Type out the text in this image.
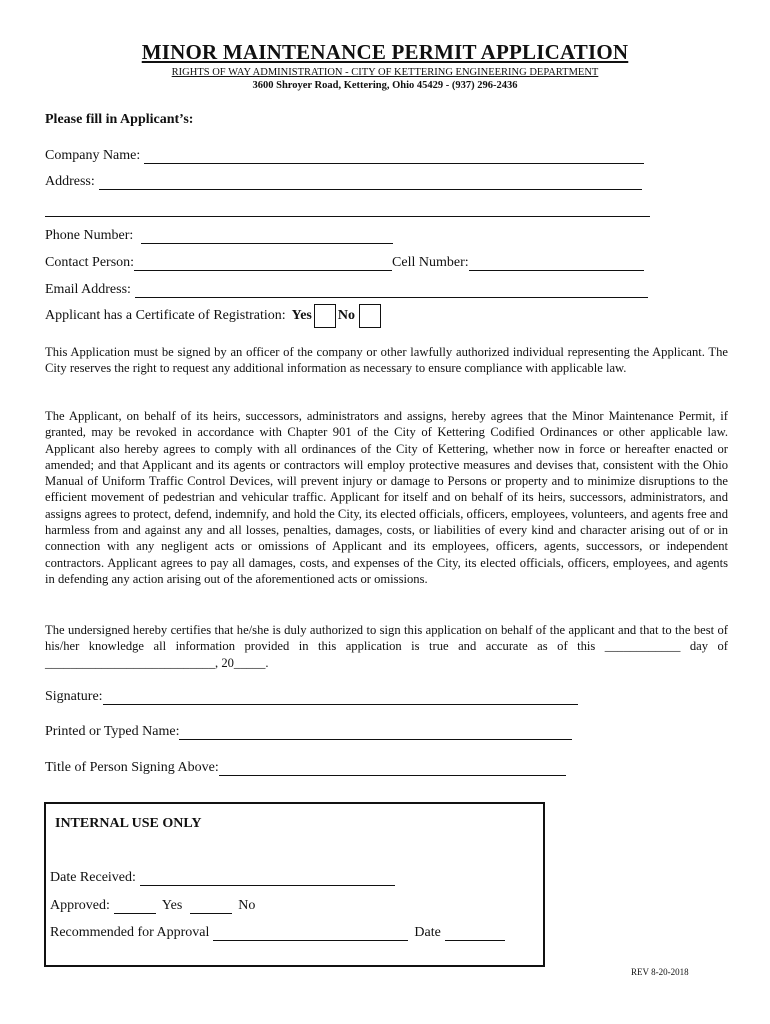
MINOR MAINTENANCE PERMIT APPLICATION
RIGHTS OF WAY ADMINISTRATION - CITY OF KETTERING ENGINEERING DEPARTMENT
3600 Shroyer Road, Kettering, Ohio 45429 - (937) 296-2436
Please fill in Applicant’s:
Company Name:
Address:
Phone Number:
Contact Person:	Cell Number:
Email Address:
Applicant has a Certificate of Registration: Yes No
This Application must be signed by an officer of the company or other lawfully authorized individual representing the Applicant. The City reserves the right to request any additional information as necessary to ensure compliance with applicable law.
The Applicant, on behalf of its heirs, successors, administrators and assigns, hereby agrees that the Minor Maintenance Permit, if granted, may be revoked in accordance with Chapter 901 of the City of Kettering Codified Ordinances or other applicable law. Applicant also hereby agrees to comply with all ordinances of the City of Kettering, whether now in force or hereafter enacted or amended; and that Applicant and its agents or contractors will employ protective measures and devises that, consistent with the Ohio Manual of Uniform Traffic Control Devices, will prevent injury or damage to Persons or property and to minimize disruptions to the efficient movement of pedestrian and vehicular traffic. Applicant for itself and on behalf of its heirs, successors, administrators, and assigns agrees to protect, defend, indemnify, and hold the City, its elected officials, officers, employees, volunteers, and agents free and harmless from and against any and all losses, penalties, damages, costs, or liabilities of every kind and character arising out of or in connection with any negligent acts or omissions of Applicant and its employees, officers, agents, successors, or independent contractors. Applicant agrees to pay all damages, costs, and expenses of the City, its elected officials, officers, employees, and agents in defending any action arising out of the aforementioned acts or omissions.
The undersigned hereby certifies that he/she is duly authorized to sign this application on behalf of the applicant and that to the best of his/her knowledge all information provided in this application is true and accurate as of this ____________ day of ___________________________, 20_____.
Signature:
Printed or Typed Name:
Title of Person Signing Above:
INTERNAL USE ONLY
Date Received:
Approved:	Yes	No
Recommended for Approval	Date
REV 8-20-2018
